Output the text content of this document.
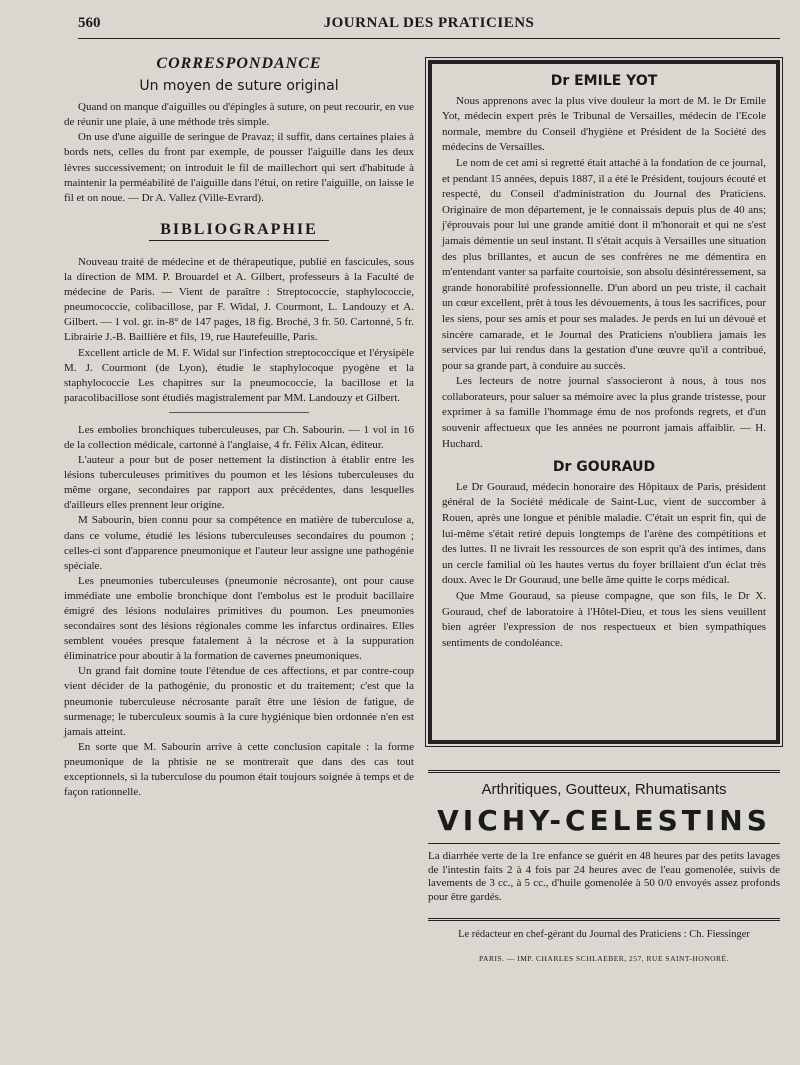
560	JOURNAL DES PRATICIENS
CORRESPONDANCE
Un moyen de suture original

Quand on manque d'aiguilles ou d'épingles à suture, on peut recourir, en vue de réunir une plaie, à une méthode très simple.

On use d'une aiguille de seringue de Pravaz; il suffit, dans certaines plaies à bords nets, celles du front par exemple, de pousser l'aiguille dans les deux lèvres successivement; on introduit le fil de maillechort qui sert d'habitude à maintenir la perméabilité de l'aiguille dans l'étui, on retire l'aiguille, on laisse le fil et on noue. — Dr A. Vallez (Ville-Evrard).

BIBLIOGRAPHIE

Nouveau traité de médecine et de thérapeutique, publié en fascicules, sous la direction de MM. P. Brouardel et A. Gilbert, professeurs à la Faculté de médecine de Paris. — Vient de paraître : Streptococcie, staphylococcie, pneumococcie, colibacillose, par F. Widal, J. Courmont, L. Landouzy et A. Gilbert. — 1 vol. gr. in-8° de 147 pages, 18 fig. Broché, 3 fr. 50. Cartonné, 5 fr. Librairie J.-B. Baillière et fils, 19, rue Hautefeuille, Paris.

Excellent article de M. F. Widal sur l'infection streptococcique et l'érysipèle M. J. Courmont (de Lyon), étudie le staphylocoque pyogène et la staphylococcie Les chapitres sur la pneumococcie, la bacillose et la paracolibacillose sont étudiés magistralement par MM. Landouzy et Gilbert.

Les embolies bronchiques tuberculeuses, par Ch. Sabourin. — 1 vol in 16 de la collection médicale, cartonné à l'anglaise, 4 fr. Félix Alcan, éditeur.

L'auteur a pour but de poser nettement la distinction à établir entre les lésions tuberculeuses primitives du poumon et les lésions tuberculeuses du même organe, secondaires par rapport aux précédentes, dans lesquelles d'ailleurs elles prennent leur origine.

M Sabourin, bien connu pour sa compétence en matière de tuberculose a, dans ce volume, étudié les lésions tuberculeuses secondaires du poumon ; celles-ci sont d'apparence pneumonique et l'auteur leur assigne une pathogénie spéciale.

Les pneumonies tuberculeuses (pneumonie nécrosante), ont pour cause immédiate une embolie bronchique dont l'embolus est le produit bacillaire émigré des lésions nodulaires primitives du poumon. Les pneumonies secondaires sont des lésions régionales comme les infarctus ordinaires. Elles semblent vouées presque fatalement à la nécrose et à la suppuration éliminatrice pour aboutir à la formation de cavernes pneumoniques.

Un grand fait domine toute l'étendue de ces affections, et par contre-coup vient décider de la pathogénie, du pronostic et du traitement; c'est que la pneumonie tuberculeuse nécrosante paraît être une lésion de fatigue, de surmenage; le tuberculeux soumis à la cure hygiénique bien ordonnée n'en est jamais atteint.

En sorte que M. Sabourin arrive à cette conclusion capitale : la forme pneumonique de la phtisie ne se montrerait que dans des cas tout exceptionnels, si la tuberculose du poumon était toujours soignée à temps et de façon rationnelle.

Dr EMILE YOT

Nous apprenons avec la plus vive douleur la mort de M. le Dr Emile Yot, médecin expert près le Tribunal de Versailles, médecin de l'Ecole normale, membre du Conseil d'hygiène et Président de la Société des médecins de Versailles.

Le nom de cet ami si regretté était attaché à la fondation de ce journal, et pendant 15 années, depuis 1887, il a été le Président, toujours écouté et respecté, du Conseil d'administration du Journal des Praticiens. Originaire de mon département, je le connaissais depuis plus de 40 ans; j'éprouvais pour lui une grande amitié dont il m'honorait et qui ne s'est jamais démentie un seul instant. Il s'était acquis à Versailles une situation des plus brillantes, et aucun de ses confrères ne me démentira en m'entendant vanter sa parfaite courtoisie, son absolu désintéressement, sa grande honorabilité professionnelle. D'un abord un peu triste, il cachait un cœur excellent, prêt à tous les dévouements, à tous les sacrifices, pour les siens, pour ses amis et pour ses malades. Je perds en lui un dévoué et sincère camarade, et le Journal des Praticiens n'oubliera jamais les services par lui rendus dans la gestation d'une œuvre qu'il a contribué, pour sa grande part, à conduire au succès.

Les lecteurs de notre journal s'associeront à nous, à tous nos collaborateurs, pour saluer sa mémoire avec la plus grande tristesse, pour exprimer à sa famille l'hommage ému de nos profonds regrets, et d'un souvenir affectueux que les années ne pourront jamais affaiblir. — H. Huchard.

Dr GOURAUD

Le Dr Gouraud, médecin honoraire des Hôpitaux de Paris, président général de la Société médicale de Saint-Luc, vient de succomber à Rouen, après une longue et pénible maladie. C'était un esprit fin, qui de lui-même s'était retiré depuis longtemps de l'arène des compétitions et des luttes. Il ne livrait les ressources de son esprit qu'à des intimes, dans un cercle familial où les hautes vertus du foyer brillaient d'un éclat très doux. Avec le Dr Gouraud, une belle âme quitte le corps médical.

Que Mme Gouraud, sa pieuse compagne, que son fils, le Dr X. Gouraud, chef de laboratoire à l'Hôtel-Dieu, et tous les siens veuillent bien agréer l'expression de nos respectueux et bien sympathiques sentiments de condoléance.

Arthritiques, Goutteux, Rhumatisants
VICHY-CELESTINS
La diarrhée verte de la 1re enfance se guérit en 48 heures par des petits lavages de l'intestin faits 2 à 4 fois par 24 heures avec de l'eau gomenolée, suivis de lavements de 3 cc., à 5 cc., d'huile gomenolée à 50 0/0 envoyés assez profonds pour être gardés.
Le rédacteur en chef-gérant du Journal des Praticiens : Ch. Fiessinger
PARIS. — IMP. CHARLES SCHLAEBER, 257, RUE SAINT-HONORÉ.
